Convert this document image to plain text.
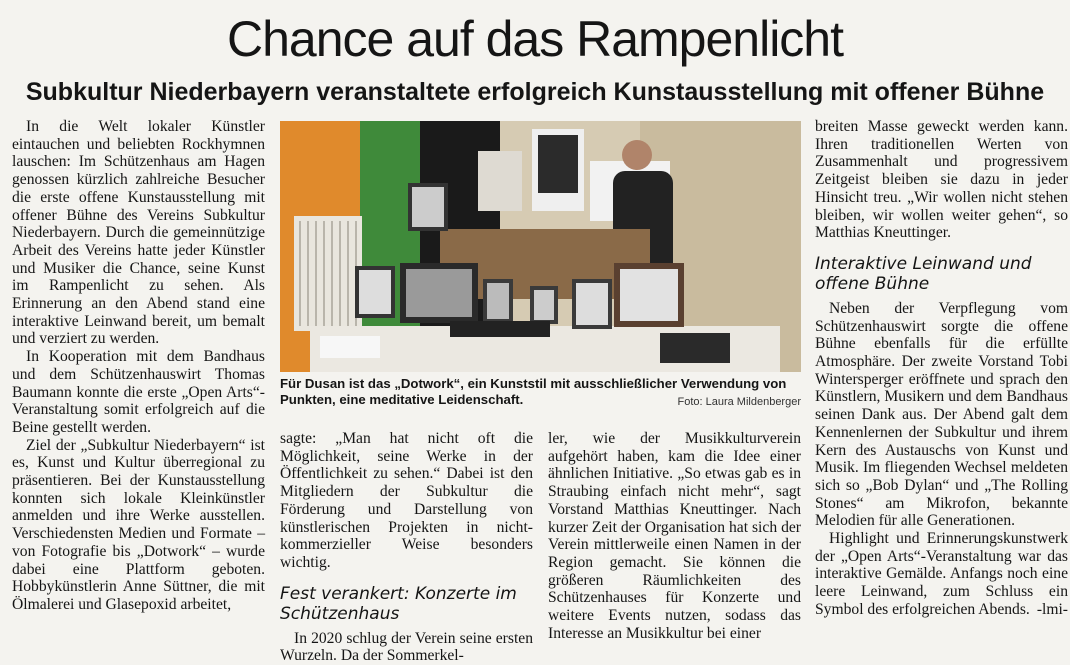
Chance auf das Rampenlicht
Subkultur Niederbayern veranstaltete erfolgreich Kunstausstellung mit offener Bühne

In die Welt lokaler Künstler eintauchen und beliebten Rockhymnen lauschen: Im Schützenhaus am Hagen genossen kürzlich zahlreiche Besucher die erste offene Kunstausstellung mit offener Bühne des Vereins Subkultur Niederbayern. Durch die gemeinnützige Arbeit des Vereins hatte jeder Künstler und Musiker die Chance, seine Kunst im Rampenlicht zu sehen. Als Erinnerung an den Abend stand eine interaktive Leinwand bereit, um bemalt und verziert zu werden.

In Kooperation mit dem Bandhaus und dem Schützenhauswirt Thomas Baumann konnte die erste „Open Arts“-Veranstaltung somit erfolgreich auf die Beine gestellt werden.

Ziel der „Subkultur Niederbayern“ ist es, Kunst und Kultur überregional zu präsentieren. Bei der Kunstausstellung konnten sich lokale Kleinkünstler anmelden und ihre Werke ausstellen. Verschiedensten Medien und Formate – von Fotografie bis „Dotwork“ – wurde dabei eine Plattform geboten. Hobbykünstlerin Anne Süttner, die mit Ölmalerei und Glasepoxid arbeitet,

Für Dusan ist das „Dotwork“, ein Kunststil mit ausschließlicher Verwendung von Punkten, eine meditative Leidenschaft.	Foto: Laura Mildenberger

sagte: „Man hat nicht oft die Möglichkeit, seine Werke in der Öffentlichkeit zu sehen.“ Dabei ist den Mitgliedern der Subkultur die Förderung und Darstellung von künstlerischen Projekten in nicht-kommerzieller Weise besonders wichtig.

Fest verankert: Konzerte im Schützenhaus

In 2020 schlug der Verein seine ersten Wurzeln. Da der Sommerkel-

ler, wie der Musikkulturverein aufgehört haben, kam die Idee einer ähnlichen Initiative. „So etwas gab es in Straubing einfach nicht mehr“, sagt Vorstand Matthias Kneuttinger. Nach kurzer Zeit der Organisation hat sich der Verein mittlerweile einen Namen in der Region gemacht. Sie können die größeren Räumlichkeiten des Schützenhauses für Konzerte und weitere Events nutzen, sodass das Interesse an Musikkultur bei einer

breiten Masse geweckt werden kann. Ihren traditionellen Werten von Zusammenhalt und progressivem Zeitgeist bleiben sie dazu in jeder Hinsicht treu. „Wir wollen nicht stehen bleiben, wir wollen weiter gehen“, so Matthias Kneuttinger.

Interaktive Leinwand und offene Bühne

Neben der Verpflegung vom Schützenhauswirt sorgte die offene Bühne ebenfalls für die erfüllte Atmosphäre. Der zweite Vorstand Tobi Wintersperger eröffnete und sprach den Künstlern, Musikern und dem Bandhaus seinen Dank aus. Der Abend galt dem Kennenlernen der Subkultur und ihrem Kern des Austauschs von Kunst und Musik. Im fliegenden Wechsel meldeten sich so „Bob Dylan“ und „The Rolling Stones“ am Mikrofon, bekannte Melodien für alle Generationen.

Highlight und Erinnerungskunstwerk der „Open Arts“-Veranstaltung war das interaktive Gemälde. Anfangs noch eine leere Leinwand, zum Schluss ein Symbol des erfolgreichen Abends. -lmi-
